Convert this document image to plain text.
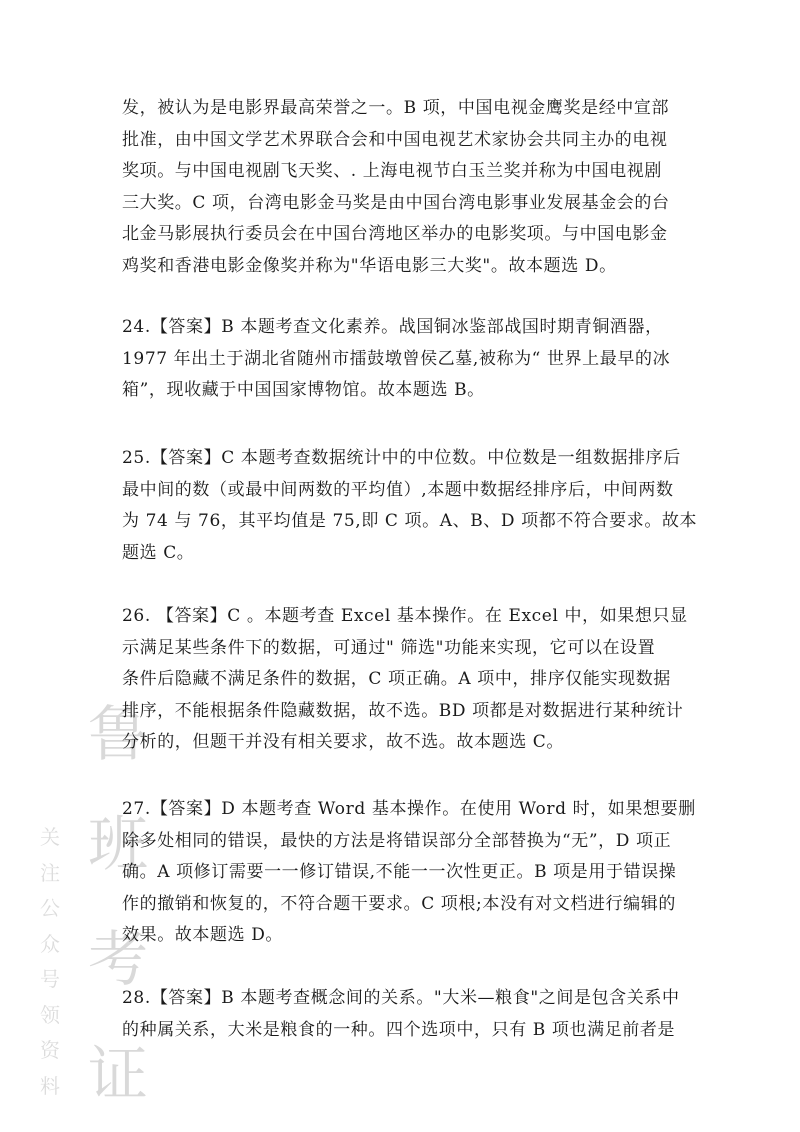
鲁
班
考
证
关注公众号领资料
发，被认为是电影界最高荣誉之一。B 项，中国电视金鹰奖是经中宣部
批准，由中国文学艺术界联合会和中国电视艺术家协会共同主办的电视
奖项。与中国电视剧飞天奖、. 上海电视节白玉兰奖并称为中国电视剧
三大奖。C 项，台湾电影金马奖是由中国台湾电影事业发展基金会的台
北金马影展执行委员会在中国台湾地区举办的电影奖项。与中国电影金
鸡奖和香港电影金像奖并称为"华语电影三大奖"。故本题选 D。
24.【答案】B 本题考查文化素养。战国铜冰鉴部战国时期青铜酒器，
1977 年出土于湖北省随州市擂鼓墩曾侯乙墓,被称为“ 世界上最早的冰
箱”，现收藏于中国国家博物馆。故本题选 B。
25.【答案】C 本题考查数据统计中的中位数。中位数是一组数据排序后
最中间的数（或最中间两数的平均值）,本题中数据经排序后，中间两数
为 74 与 76，其平均值是 75,即 C 项。A、B、D 项都不符合要求。故本
题选 C。
26. 【答案】C 。本题考查 Excel 基本操作。在 Excel 中，如果想只显
示满足某些条件下的数据，可通过" 筛选"功能来实现，它可以在设置
条件后隐藏不满足条件的数据，C 项正确。A 项中，排序仅能实现数据
排序，不能根据条件隐藏数据，故不选。BD 项都是对数据进行某种统计
分析的，但题干并没有相关要求，故不选。故本题选 C。
27.【答案】D 本题考查 Word 基本操作。在使用 Word 时，如果想要删
除多处相同的错误，最快的方法是将错误部分全部替换为“无”，D 项正
确。A 项修订需要一一修订错误,不能一一次性更正。B 项是用于错误操
作的撤销和恢复的，不符合题干要求。C 项根;本没有对文档进行编辑的
效果。故本题选 D。
28.【答案】B 本题考查概念间的关系。"大米—粮食"之间是包含关系中
的种属关系，大米是粮食的一种。四个选项中，只有 B 项也满足前者是
